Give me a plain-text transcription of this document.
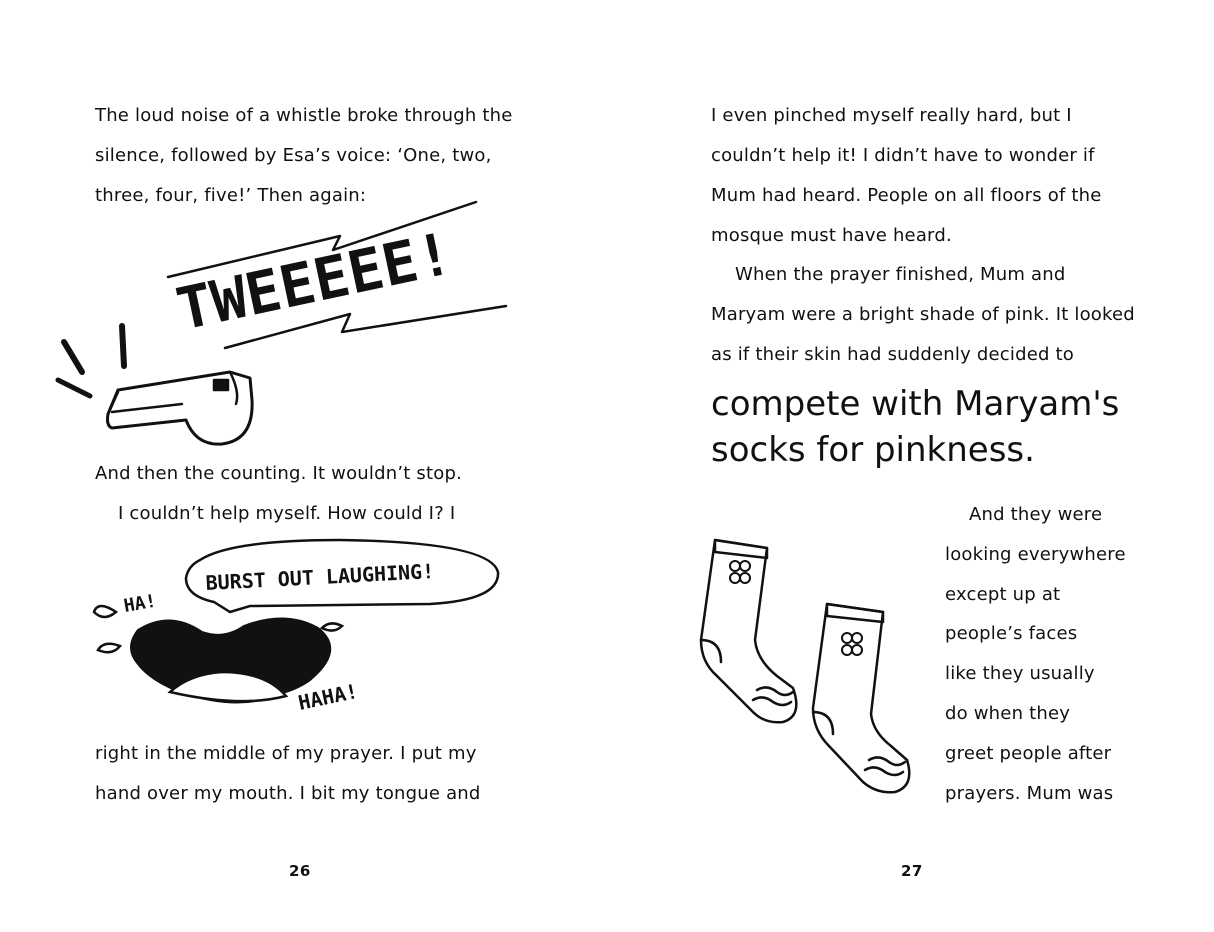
The loud noise of a whistle broke through the
silence, followed by Esa’s voice: ‘One, two,
three, four, five!’ Then again:
TWEEEEE!
And then the counting. It wouldn’t stop.
I couldn’t help myself. How could I? I
BURST OUT LAUGHING!
HA!
HAHA!
right in the middle of my prayer. I put my
hand over my mouth. I bit my tongue and
26
I even pinched myself really hard, but I
couldn’t help it! I didn’t have to wonder if
Mum had heard. People on all floors of the
mosque must have heard.
When the prayer finished, Mum and
Maryam were a bright shade of pink. It looked
as if their skin had suddenly decided to
compete with Maryam's
socks for pinkness.
And they were
looking everywhere
except up at
people’s faces
like they usually
do when they
greet people after
prayers. Mum was
27
